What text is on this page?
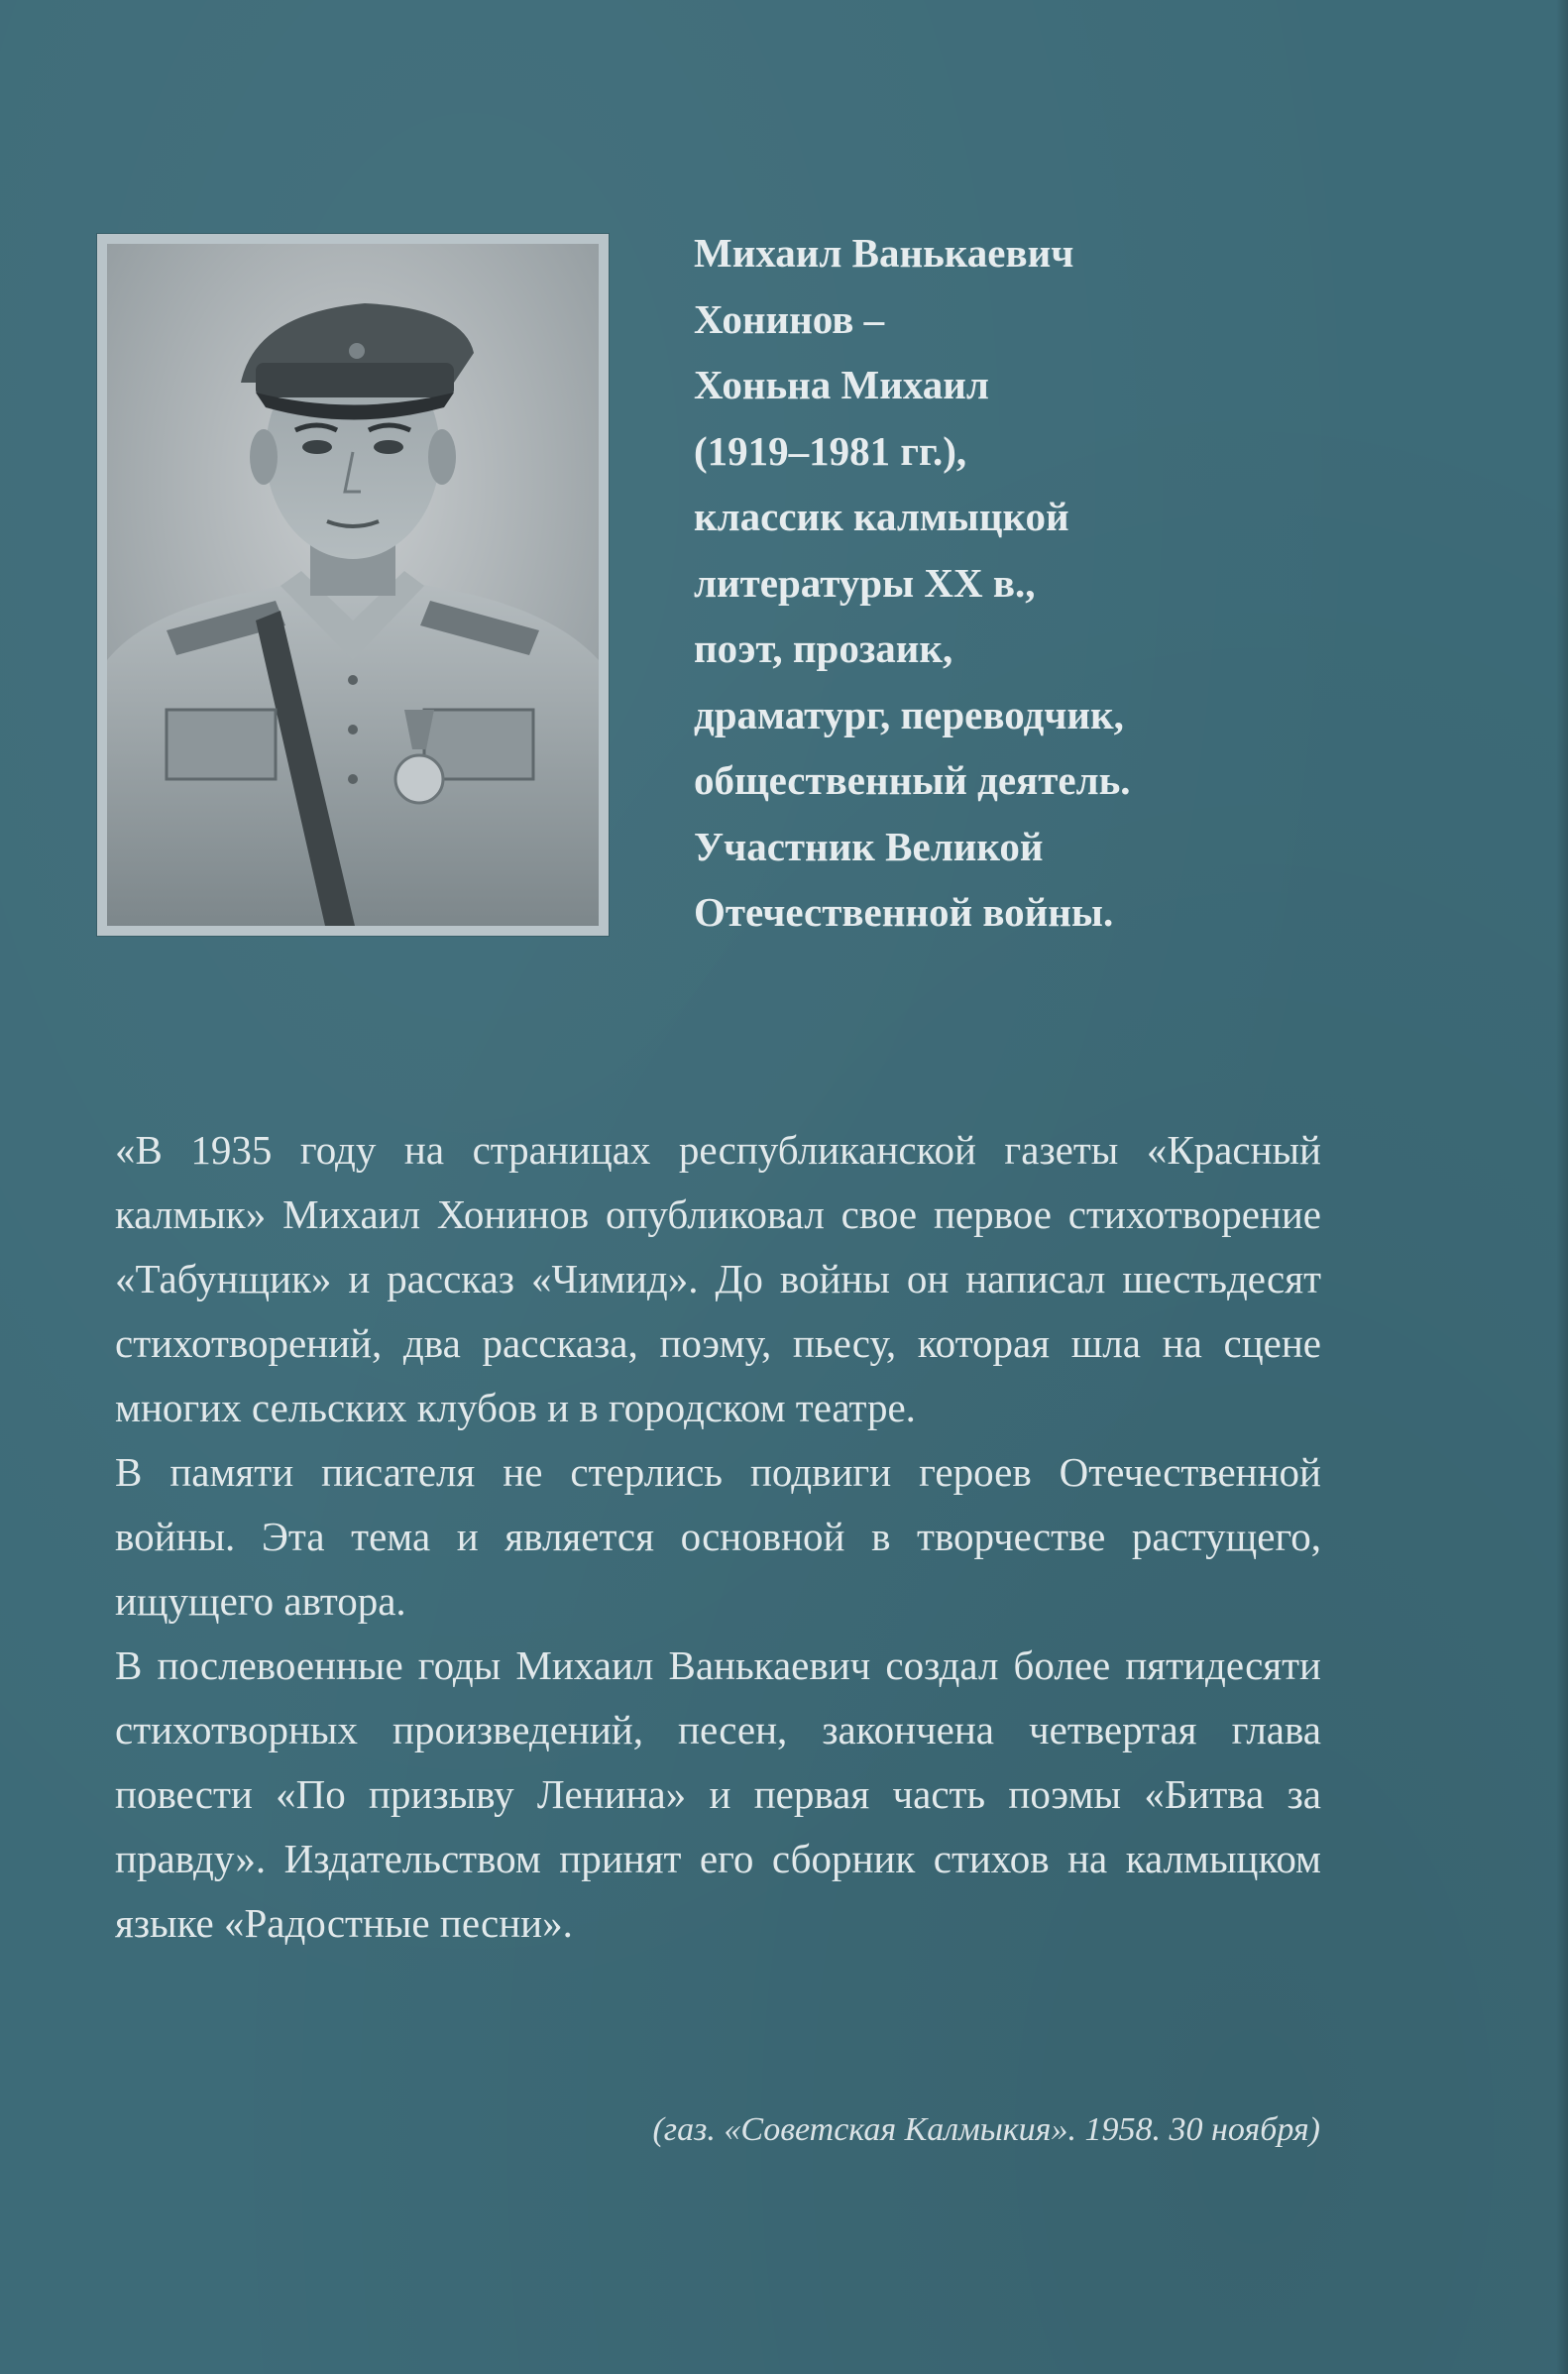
Михаил Ванькаевич
Хонинов –
Хоньна Михаил
(1919–1981 гг.),
классик калмыцкой
литературы XX в.,
поэт, прозаик,
драматург, переводчик,
общественный деятель.
Участник Великой
Отечественной войны.

«В 1935 году на страницах республиканской газеты «Красный калмык» Михаил Хонинов опубликовал свое первое стихотворение «Табунщик» и рассказ «Чимид». До войны он написал шестьдесят стихотворений, два рассказа, поэму, пьесу, которая шла на сцене многих сельских клубов и в городском театре.

В памяти писателя не стерлись подвиги героев Отечественной войны. Эта тема и является основной в творчестве растущего, ищущего автора.

В послевоенные годы Михаил Ванькаевич создал более пятидесяти стихотворных произведений, песен, закончена четвертая глава повести «По призыву Ленина» и первая часть поэмы «Битва за правду». Издательством принят его сборник стихов на калмыцком языке «Радостные песни».

(газ. «Советская Калмыкия». 1958. 30 ноября)
